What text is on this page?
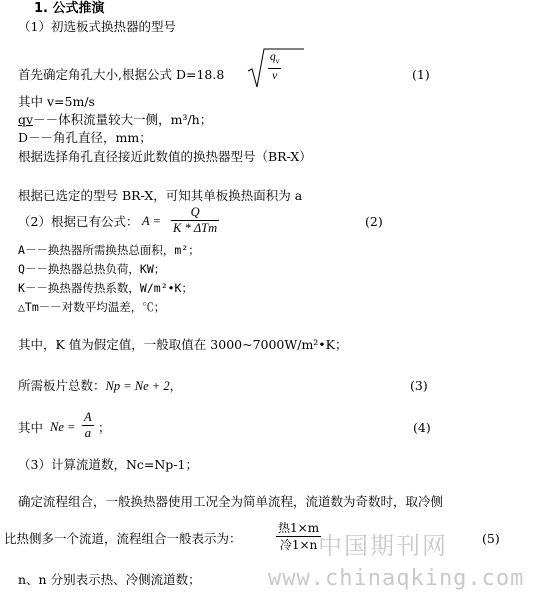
1. 公式推演
（1）初选板式换热器的型号
首先确定角孔大小,根据公式 D=18.8	$\frac{q_v}{v}$	(1)
其中 v=5m/s
qv－－体积流量较大一侧，m³/h；
D－－角孔直径，mm；
根据选择角孔直径接近此数值的换热器型号（BR-X）
根据已选定的型号 BR-X，可知其单板换热面积为 a
（2）根据已有公式： A =
Q
K * ΔTm	(2)
A－－换热器所需换热总面积，m²；
Q－－换热器总热负荷，KW；
K－－换热器传热系数，W/m²•K；
△Tm－－对数平均温差，℃；
其中，K 值为假定值，一般取值在 3000~7000W/m²•K；
所需板片总数：Np = Ne + 2，	(3)
其中 $Ne = \frac{A}{a}$ ；	(4)
（3）计算流道数，Nc=Np-1；
确定流程组合，一般换热器使用工况全为简单流程，流道数为奇数时，取冷侧
比热侧多一个流道，流程组合一般表示为：
热1×m
冷1×n	(5)
n、n 分别表示热、冷侧流道数；
中国期刊网
www.chinaqking.com
